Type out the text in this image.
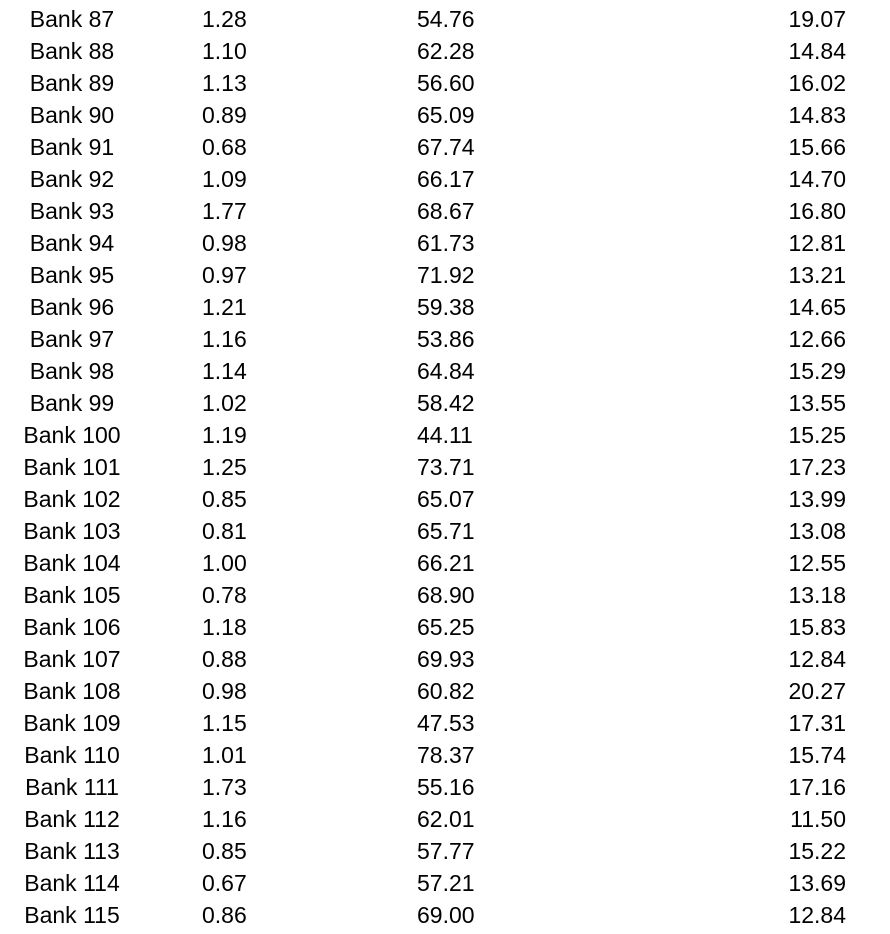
Bank 87	1.28	54.76	19.07
Bank 88	1.10	62.28	14.84
Bank 89	1.13	56.60	16.02
Bank 90	0.89	65.09	14.83
Bank 91	0.68	67.74	15.66
Bank 92	1.09	66.17	14.70
Bank 93	1.77	68.67	16.80
Bank 94	0.98	61.73	12.81
Bank 95	0.97	71.92	13.21
Bank 96	1.21	59.38	14.65
Bank 97	1.16	53.86	12.66
Bank 98	1.14	64.84	15.29
Bank 99	1.02	58.42	13.55
Bank 100	1.19	44.11	15.25
Bank 101	1.25	73.71	17.23
Bank 102	0.85	65.07	13.99
Bank 103	0.81	65.71	13.08
Bank 104	1.00	66.21	12.55
Bank 105	0.78	68.90	13.18
Bank 106	1.18	65.25	15.83
Bank 107	0.88	69.93	12.84
Bank 108	0.98	60.82	20.27
Bank 109	1.15	47.53	17.31
Bank 110	1.01	78.37	15.74
Bank 111	1.73	55.16	17.16
Bank 112	1.16	62.01	11.50
Bank 113	0.85	57.77	15.22
Bank 114	0.67	57.21	13.69
Bank 115	0.86	69.00	12.84
